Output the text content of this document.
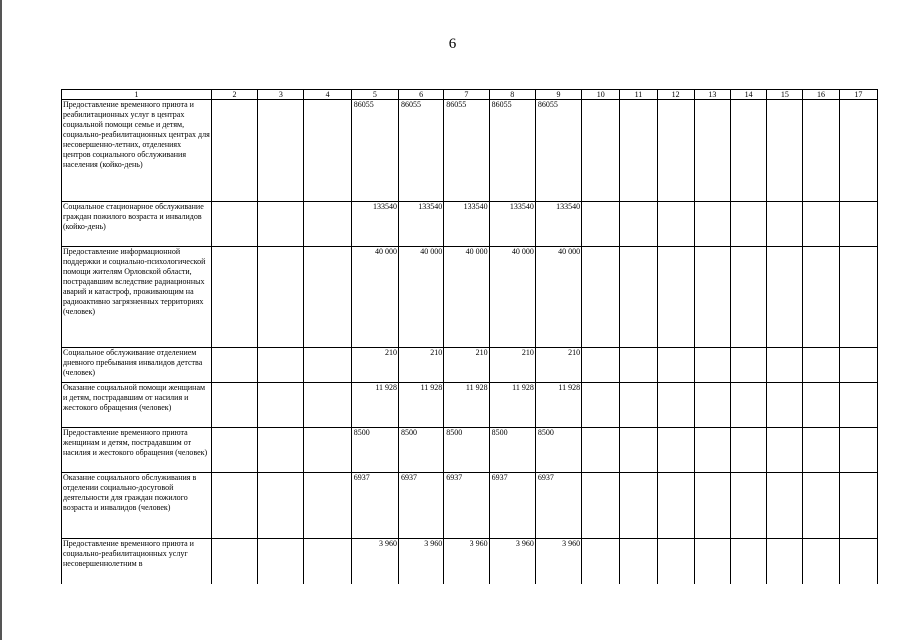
6
1	2	3	4	5	6	7	8	9	10	11	12	13	14	15	16	17
Предоставление временного приюта и реабилитационных услуг в центрах социальной помощи семье и детям, социально-реабилитационных центрах для несовершенно-летних, отделениях центров социального обслуживания населения (койко-день)				86055	86055	86055	86055	86055								
Социальное стационарное обслуживание граждан пожилого возраста и инвалидов (койко-день)				133540	133540	133540	133540	133540								
Предоставление информационной поддержки и социально-психологической помощи жителям Орловской области, пострадавшим вследствие радиационных аварий и катастроф, проживающим на радиоактивно загрязненных территориях (человек)				40 000	40 000	40 000	40 000	40 000								
Социальное обслуживание отделением дневного пребывания инвалидов детства (человек)				210	210	210	210	210								
Оказание социальной помощи женщинам и детям, пострадавшим от насилия и жестокого обращения (человек)				11 928	11 928	11 928	11 928	11 928								
Предоставление временного приюта женщинам и детям, пострадавшим от насилия и жестокого обращения (человек)				8500	8500	8500	8500	8500								
Оказание социального обслуживания в отделении социально-досуговой деятельности для граждан пожилого возраста и инвалидов (человек)				6937	6937	6937	6937	6937								
Предоставление временного приюта и социально-реабилитационных услуг несовершеннолетним в				3 960	3 960	3 960	3 960	3 960								
